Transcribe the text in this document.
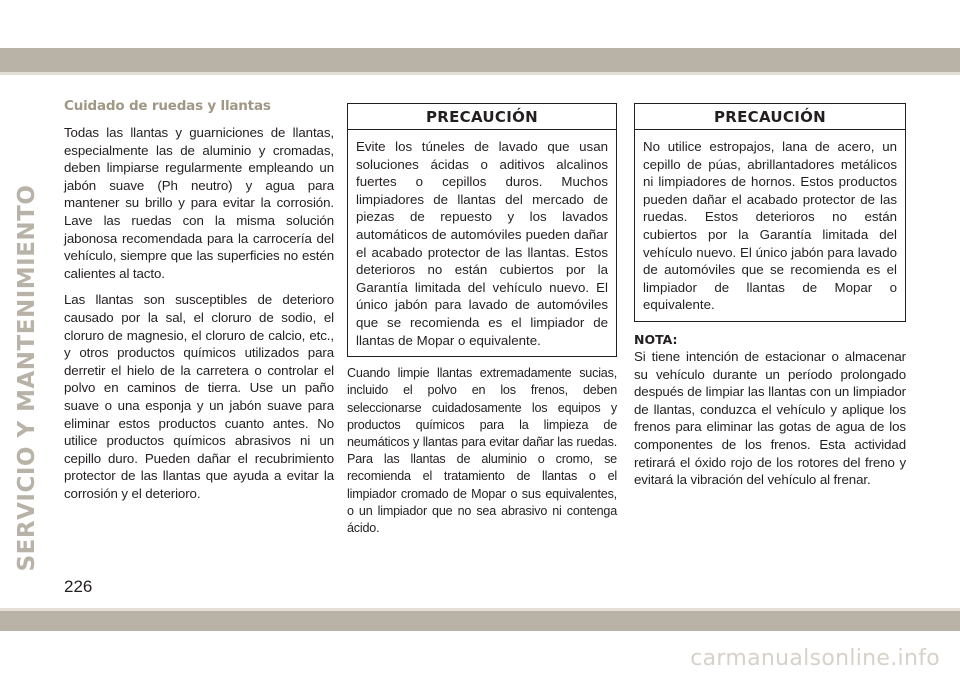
SERVICIO Y MANTENIMIENTO
Cuidado de ruedas y llantas

Todas las llantas y guarniciones de llantas, especialmente las de aluminio y cromadas, deben limpiarse regularmente empleando un jabón suave (Ph neutro) y agua para mantener su brillo y para evitar la corrosión. Lave las ruedas con la misma solución jabonosa recomendada para la carrocería del vehículo, siempre que las superficies no estén calientes al tacto.

Las llantas son susceptibles de deterioro causado por la sal, el cloruro de sodio, el cloruro de magnesio, el cloruro de calcio, etc., y otros productos químicos utilizados para derretir el hielo de la carretera o controlar el polvo en caminos de tierra. Use un paño suave o una esponja y un jabón suave para eliminar estos productos cuanto antes. No utilice productos químicos abrasivos ni un cepillo duro. Pueden dañar el recubrimiento protector de las llantas que ayuda a evitar la corrosión y el deterioro.

PRECAUCIÓN
Evite los túneles de lavado que usan soluciones ácidas o aditivos alcalinos fuertes o cepillos duros. Muchos limpiadores de llantas del mercado de piezas de repuesto y los lavados automáticos de automóviles pueden dañar el acabado protector de las llantas. Estos deterioros no están cubiertos por la Garantía limitada del vehículo nuevo. El único jabón para lavado de automóviles que se recomienda es el limpiador de llantas de Mopar o equivalente.

Cuando limpie llantas extremadamente sucias, incluido el polvo en los frenos, deben seleccionarse cuidadosamente los equipos y productos químicos para la limpieza de neumáticos y llantas para evitar dañar las ruedas. Para las llantas de aluminio o cromo, se recomienda el tratamiento de llantas o el limpiador cromado de Mopar o sus equivalentes, o un limpiador que no sea abrasivo ni contenga ácido.

PRECAUCIÓN
No utilice estropajos, lana de acero, un cepillo de púas, abrillantadores metálicos ni limpiadores de hornos. Estos productos pueden dañar el acabado protector de las ruedas. Estos deterioros no están cubiertos por la Garantía limitada del vehículo nuevo. El único jabón para lavado de automóviles que se recomienda es el limpiador de llantas de Mopar o equivalente.
NOTA:

Si tiene intención de estacionar o almacenar su vehículo durante un período prolongado después de limpiar las llantas con un limpiador de llantas, conduzca el vehículo y aplique los frenos para eliminar las gotas de agua de los componentes de los frenos. Esta actividad retirará el óxido rojo de los rotores del freno y evitará la vibración del vehículo al frenar.

226
carmanualsonline.info
